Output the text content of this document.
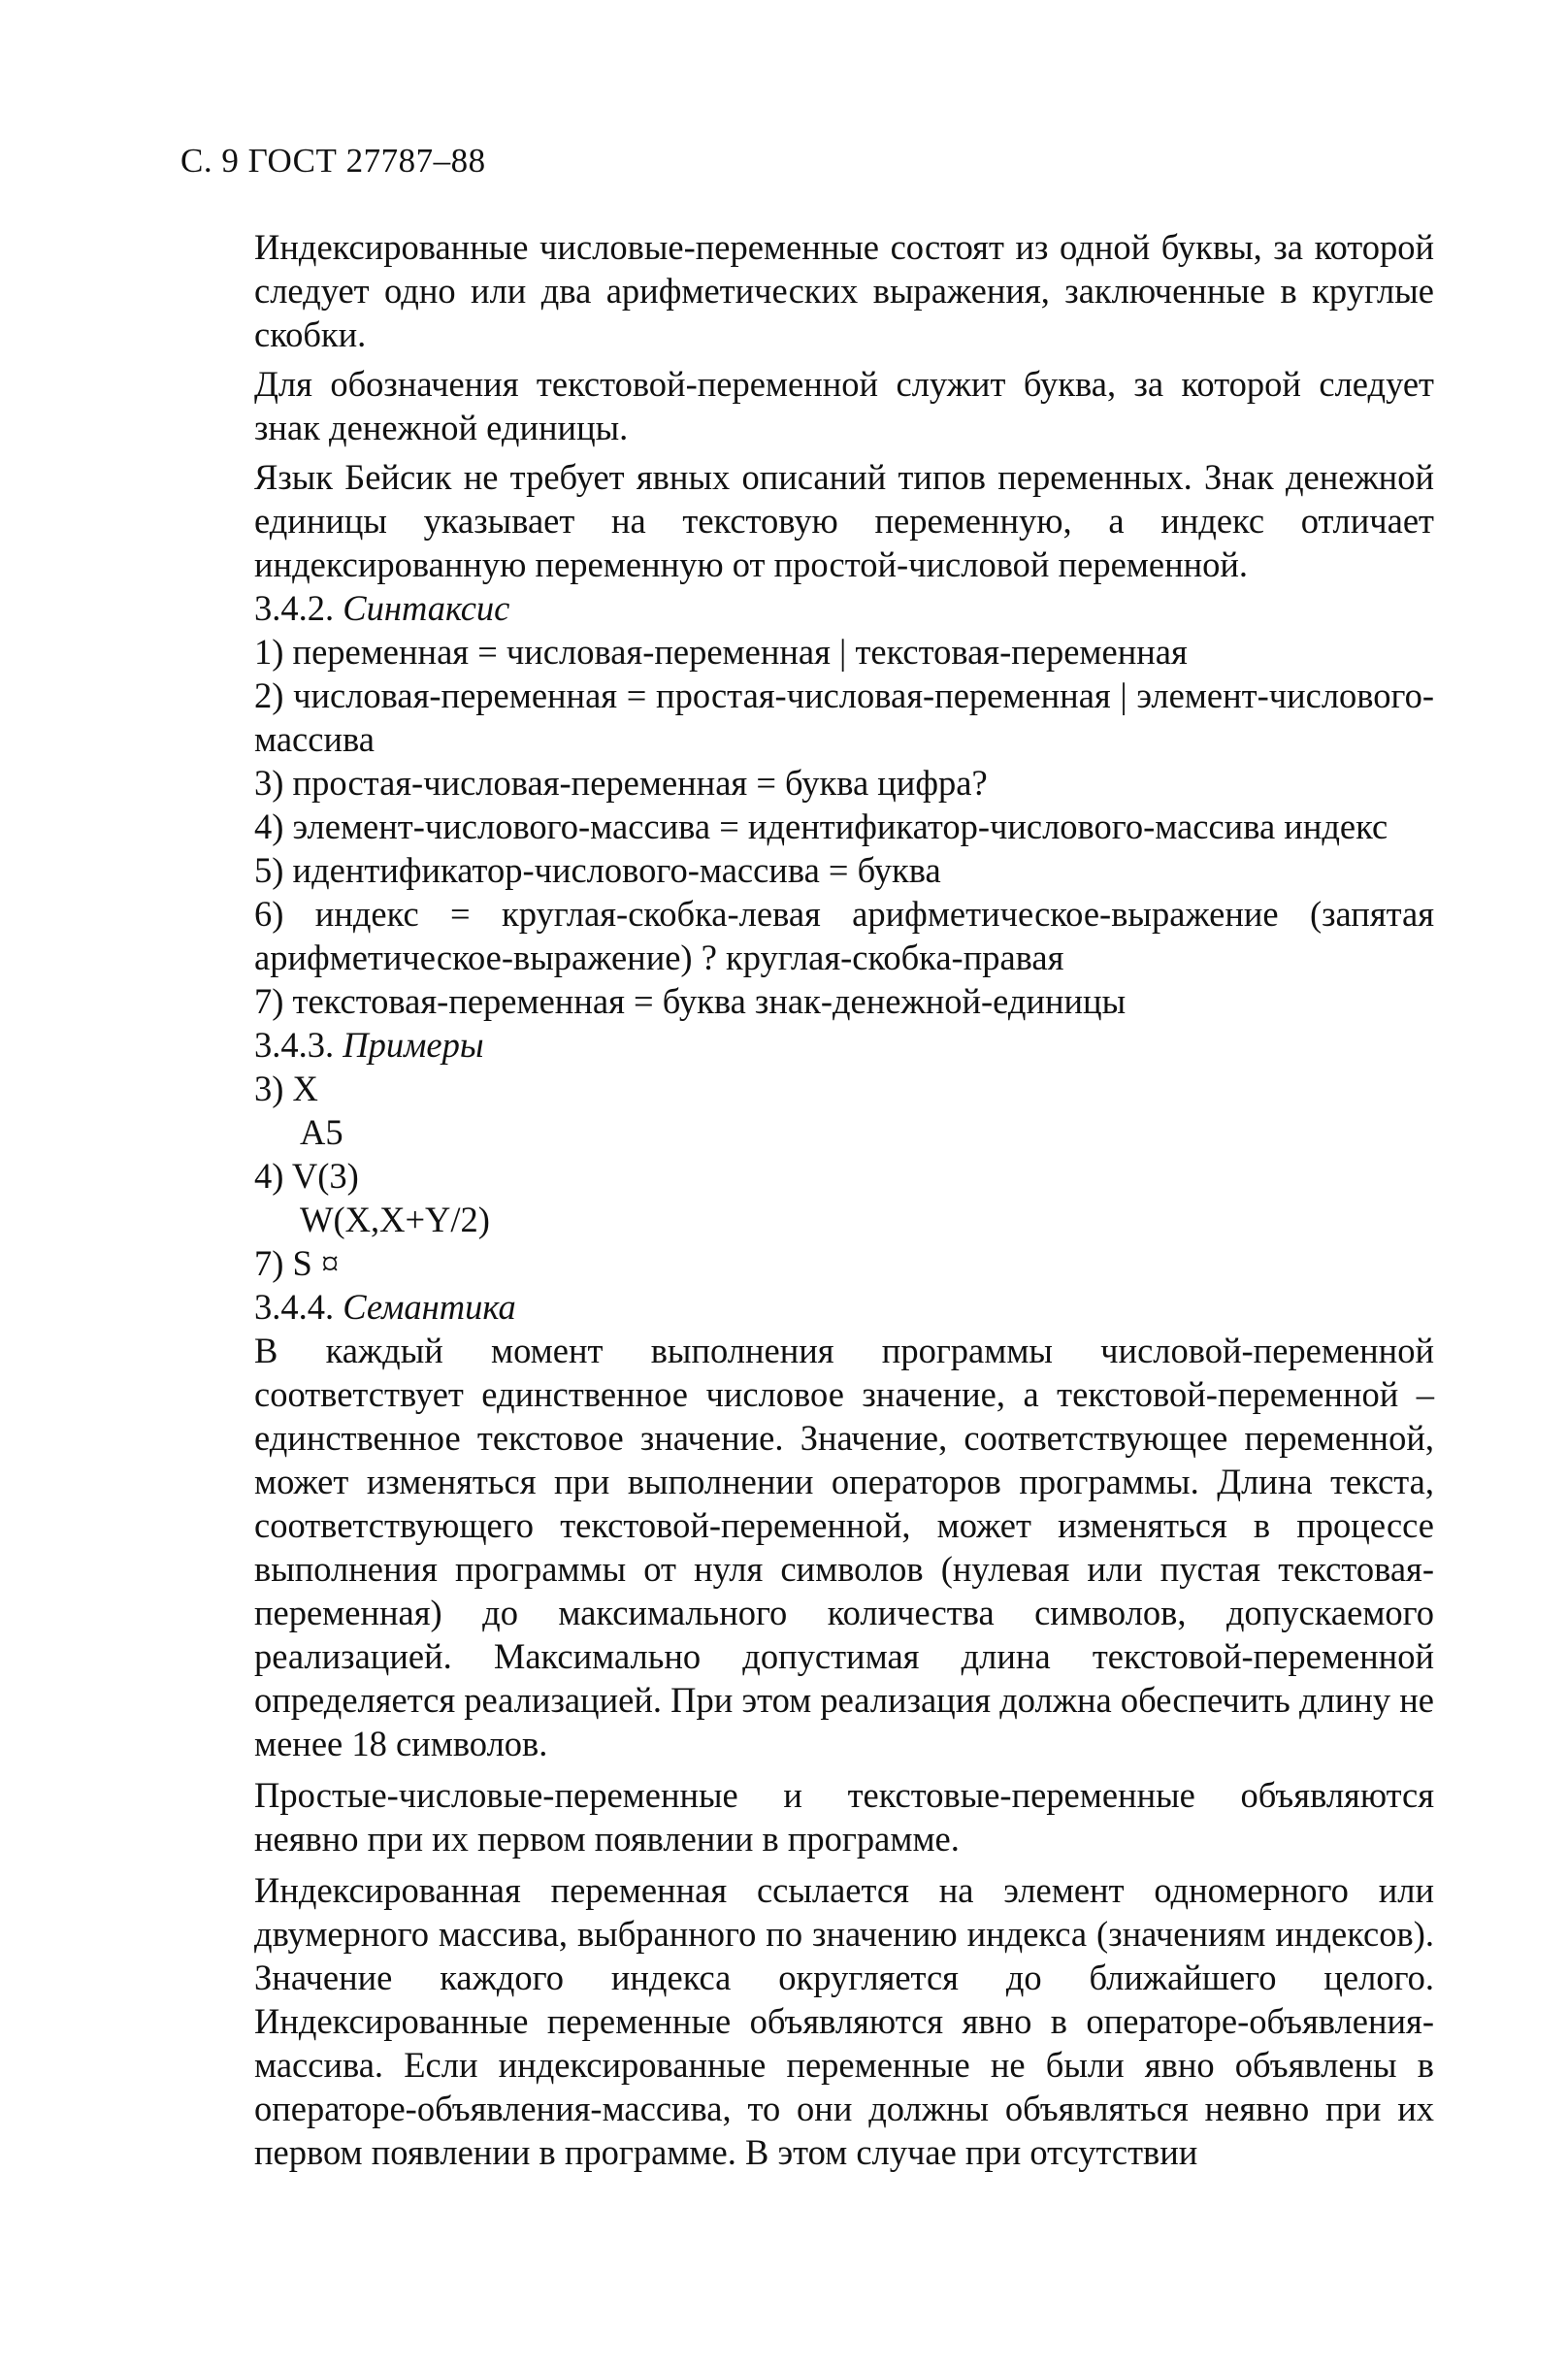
С. 9 ГОСТ 27787–88

Индексированные числовые-переменные состоят из одной буквы, за которой следует одно или два арифметических выражения, заключенные в круглые скобки.

Для обозначения текстовой-переменной служит буква, за которой следует знак денежной единицы.

Язык Бейсик не требует явных описаний типов переменных. Знак денежной единицы указывает на текстовую переменную, а индекс отличает индексированную переменную от простой-числовой переменной.

3.4.2. Синтаксис
1) переменная = числовая-переменная | текстовая-переменная
2) числовая-переменная = простая-числовая-переменная | элемент-числового-массива
3) простая-числовая-переменная = буква цифра?
4) элемент-числового-массива = идентификатор-числового-массива индекс
5) идентификатор-числового-массива = буква
6) индекс = круглая-скобка-левая арифметическое-выражение (запятая арифметическое-выражение) ? круглая-скобка-правая
7) текстовая-переменная = буква знак-денежной-единицы
3.4.3. Примеры
3) X
A5
4) V(3)
W(X,X+Y/2)
7) S ¤
3.4.4. Семантика

В каждый момент выполнения программы числовой-переменной соответствует единственное числовое значение, а текстовой-переменной – единственное текстовое значение. Значение, соответствующее переменной, может изменяться при выполнении операторов программы. Длина текста, соответствующего текстовой-переменной, может изменяться в процессе выполнения программы от нуля символов (нулевая или пустая текстовая-переменная) до максимального количества символов, допускаемого реализацией. Максимально допустимая длина текстовой-переменной определяется реализацией. При этом реализация должна обеспечить длину не менее 18 символов.

Простые-числовые-переменные и текстовые-переменные объявляются неявно при их первом появлении в программе.

Индексированная переменная ссылается на элемент одномерного или двумерного массива, выбранного по значению индекса (значениям индексов). Значение каждого индекса округляется до ближайшего целого. Индексированные переменные объявляются явно в операторе-объявления-массива. Если индексированные переменные не были явно объявлены в операторе-объявления-массива, то они должны объявляться неявно при их первом появлении в программе. В этом случае при отсутствии
